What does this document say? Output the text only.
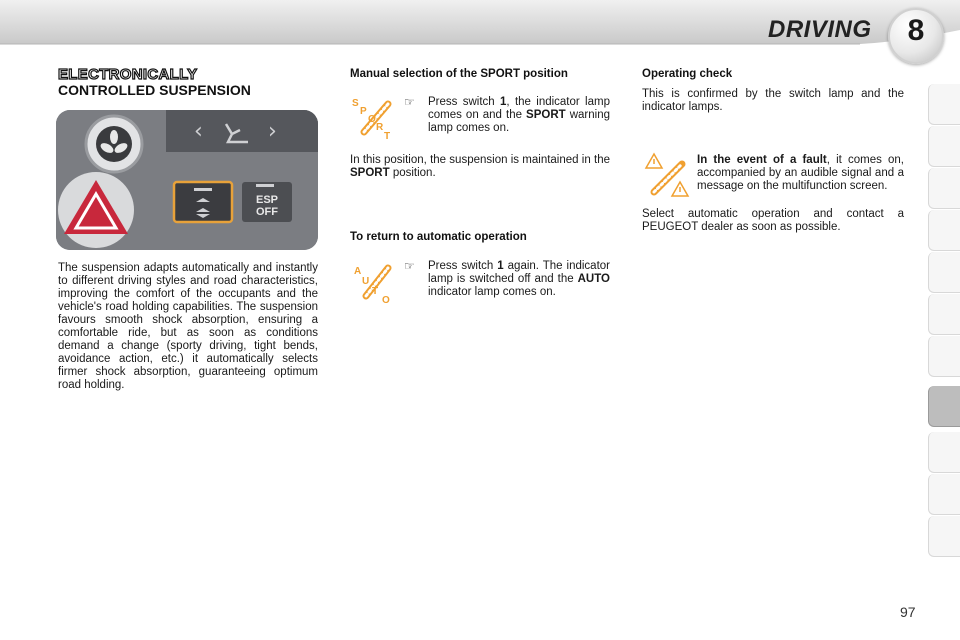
DRIVING	8
ELECTRONICALLY
CONTROLLED SUSPENSION
‹	›
ESP
OFF
The suspension adapts automatically and instantly to different driving styles and road characteristics, improving the comfort of the occupants and the vehicle's road holding capabilities. The suspension favours smooth shock absorption, ensuring a comfortable ride, but as soon as conditions demand a change (sporty driving, tight bends, avoidance action, etc.) it automatically selects firmer shock absorption, guaranteeing optimum road holding.
Manual selection of the SPORT position
S
P
O
R
T
☞ Press switch 1, the indicator lamp comes on and the SPORT warning lamp comes on.
In this position, the suspension is maintained in the SPORT position.
To return to automatic operation
A
U
T
O
☞ Press switch 1 again. The indicator lamp is switched off and the AUTO indicator lamp comes on.
Operating check
This is confirmed by the switch lamp and the indicator lamps.
In the event of a fault, it comes on, accompanied by an audible signal and a message on the multifunction screen.
Select automatic operation and contact a PEUGEOT dealer as soon as possible.
97
